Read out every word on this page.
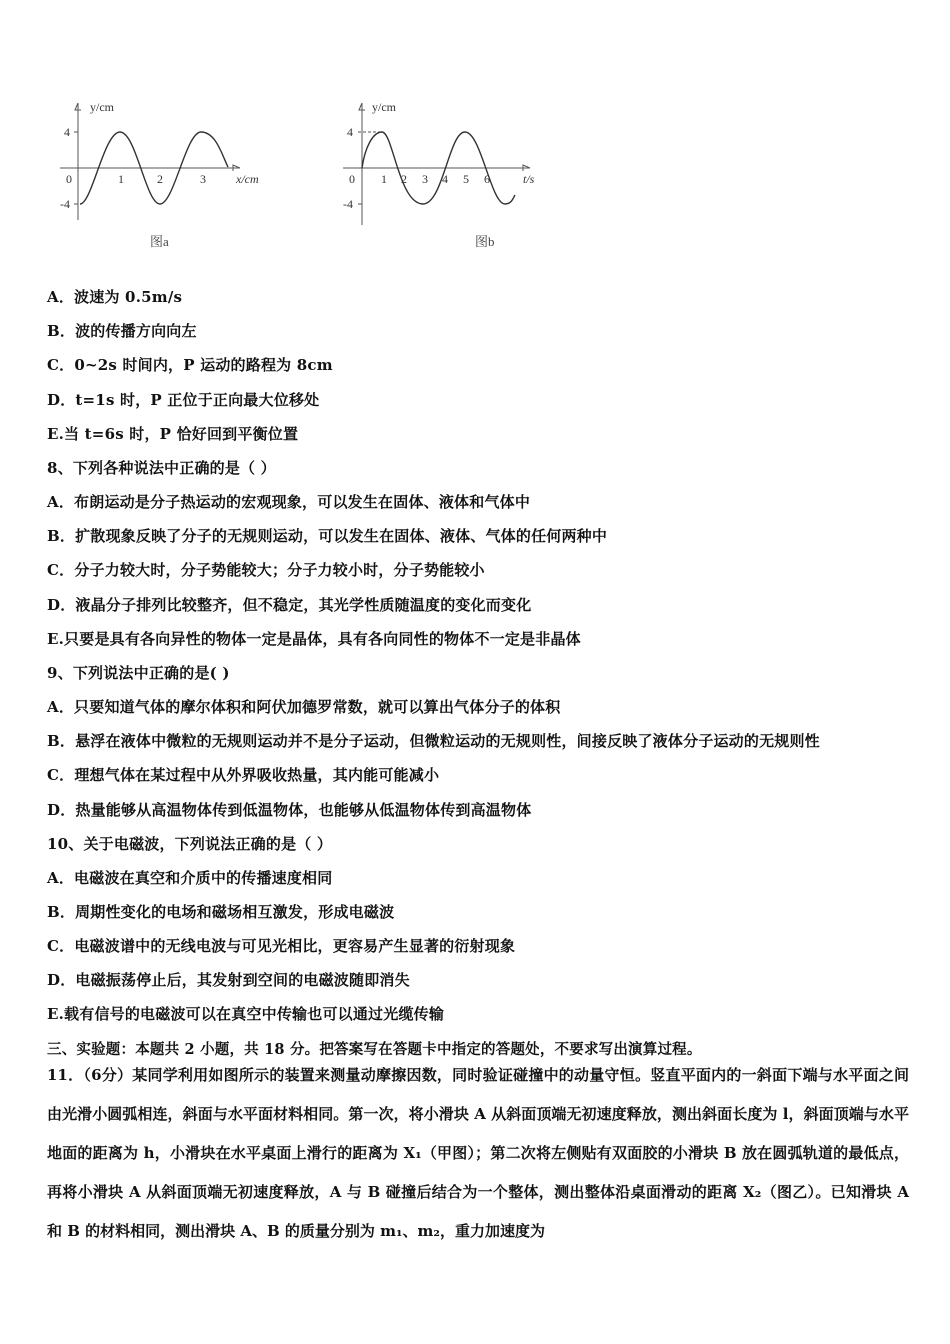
y/cm
x/cm
4
-4
0	1	2	3
图a
y/cm
t/s
4
-4
0 1 2 3 4 5 6
图b
A．波速为 0.5m/s
B．波的传播方向向左
C．0~2s 时间内，P 运动的路程为 8cm
D．t=1s 时，P 正位于正向最大位移处
E.当 t=6s 时，P 恰好回到平衡位置
8、下列各种说法中正确的是（ ）
A．布朗运动是分子热运动的宏观现象，可以发生在固体、液体和气体中
B．扩散现象反映了分子的无规则运动，可以发生在固体、液体、气体的任何两种中
C．分子力较大时，分子势能较大；分子力较小时，分子势能较小
D．液晶分子排列比较整齐，但不稳定，其光学性质随温度的变化而变化
E.只要是具有各向异性的物体一定是晶体，具有各向同性的物体不一定是非晶体
9、下列说法中正确的是( )
A．只要知道气体的摩尔体积和阿伏加德罗常数，就可以算出气体分子的体积
B．悬浮在液体中微粒的无规则运动并不是分子运动，但微粒运动的无规则性，间接反映了液体分子运动的无规则性
C．理想气体在某过程中从外界吸收热量，其内能可能减小
D．热量能够从高温物体传到低温物体，也能够从低温物体传到高温物体
10、关于电磁波，下列说法正确的是（ ）
A．电磁波在真空和介质中的传播速度相同
B．周期性变化的电场和磁场相互激发，形成电磁波
C．电磁波谱中的无线电波与可见光相比，更容易产生显著的衍射现象
D．电磁振荡停止后，其发射到空间的电磁波随即消失
E.载有信号的电磁波可以在真空中传输也可以通过光缆传输
三、实验题：本题共 2 小题，共 18 分。把答案写在答题卡中指定的答题处，不要求写出演算过程。
11．（6分）某同学利用如图所示的装置来测量动摩擦因数，同时验证碰撞中的动量守恒。竖直平面内的一斜面下端与水平面之间由光滑小圆弧相连，斜面与水平面材料相同。第一次，将小滑块 A 从斜面顶端无初速度释放，测出斜面长度为 l，斜面顶端与水平地面的距离为 h，小滑块在水平桌面上滑行的距离为 X₁（甲图）；第二次将左侧贴有双面胶的小滑块 B 放在圆弧轨道的最低点，再将小滑块 A 从斜面顶端无初速度释放，A 与 B 碰撞后结合为一个整体，测出整体沿桌面滑动的距离 X₂（图乙）。已知滑块 A 和 B 的材料相同，测出滑块 A、B 的质量分别为 m₁、m₂，重力加速度为
